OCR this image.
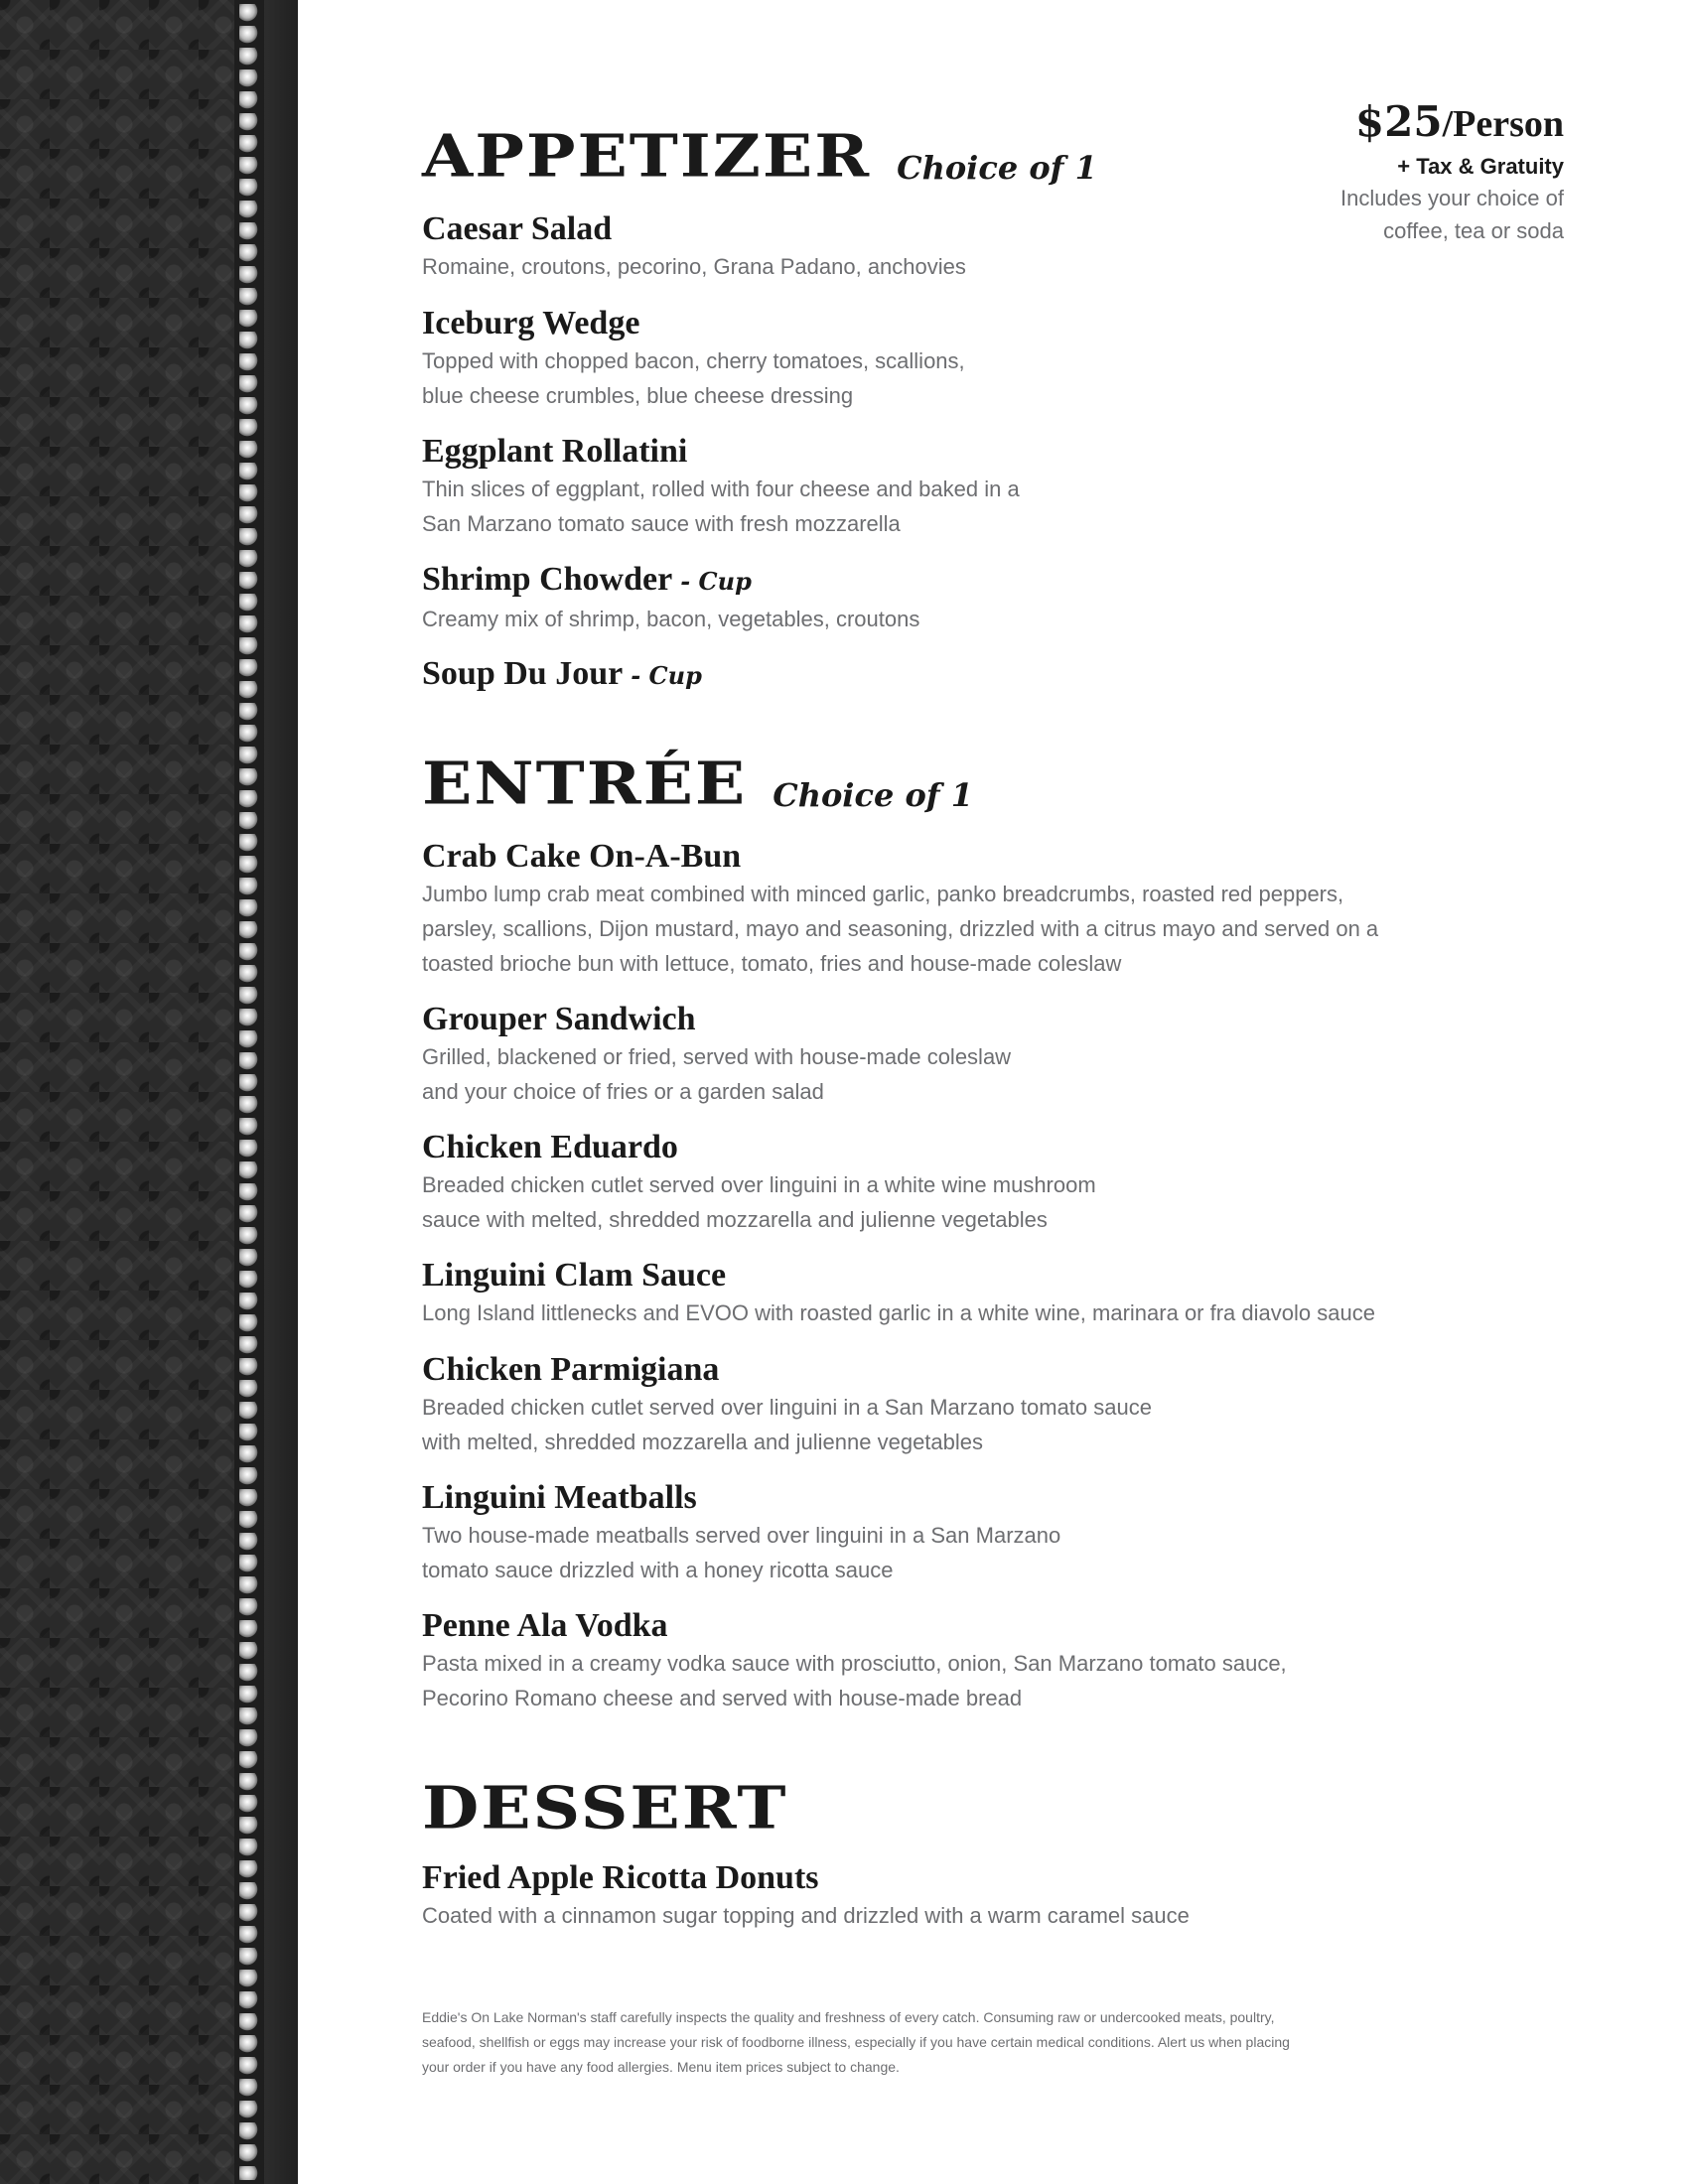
$25/Person
+ Tax & Gratuity
Includes your choice of
coffee, tea or soda
APPETIZER Choice of 1
Caesar Salad
Romaine, croutons, pecorino, Grana Padano, anchovies
Iceburg Wedge
Topped with chopped bacon, cherry tomatoes, scallions,
blue cheese crumbles, blue cheese dressing
Eggplant Rollatini
Thin slices of eggplant, rolled with four cheese and baked in a
San Marzano tomato sauce with fresh mozzarella
Shrimp Chowder - Cup
Creamy mix of shrimp, bacon, vegetables, croutons
Soup Du Jour - Cup
ENTRÉE Choice of 1
Crab Cake On-A-Bun
Jumbo lump crab meat combined with minced garlic, panko breadcrumbs, roasted red peppers,
parsley, scallions, Dijon mustard, mayo and seasoning, drizzled with a citrus mayo and served on a
toasted brioche bun with lettuce, tomato, fries and house-made coleslaw
Grouper Sandwich
Grilled, blackened or fried, served with house-made coleslaw
and your choice of fries or a garden salad
Chicken Eduardo
Breaded chicken cutlet served over linguini in a white wine mushroom
sauce with melted, shredded mozzarella and julienne vegetables
Linguini Clam Sauce
Long Island littlenecks and EVOO with roasted garlic in a white wine, marinara or fra diavolo sauce
Chicken Parmigiana
Breaded chicken cutlet served over linguini in a San Marzano tomato sauce
with melted, shredded mozzarella and julienne vegetables
Linguini Meatballs
Two house-made meatballs served over linguini in a San Marzano
tomato sauce drizzled with a honey ricotta sauce
Penne Ala Vodka
Pasta mixed in a creamy vodka sauce with prosciutto, onion, San Marzano tomato sauce,
Pecorino Romano cheese and served with house-made bread
DESSERT
Fried Apple Ricotta Donuts
Coated with a cinnamon sugar topping and drizzled with a warm caramel sauce
Eddie's On Lake Norman's staff carefully inspects the quality and freshness of every catch. Consuming raw or undercooked meats, poultry,
seafood, shellfish or eggs may increase your risk of foodborne illness, especially if you have certain medical conditions. Alert us when placing
your order if you have any food allergies. Menu item prices subject to change.
